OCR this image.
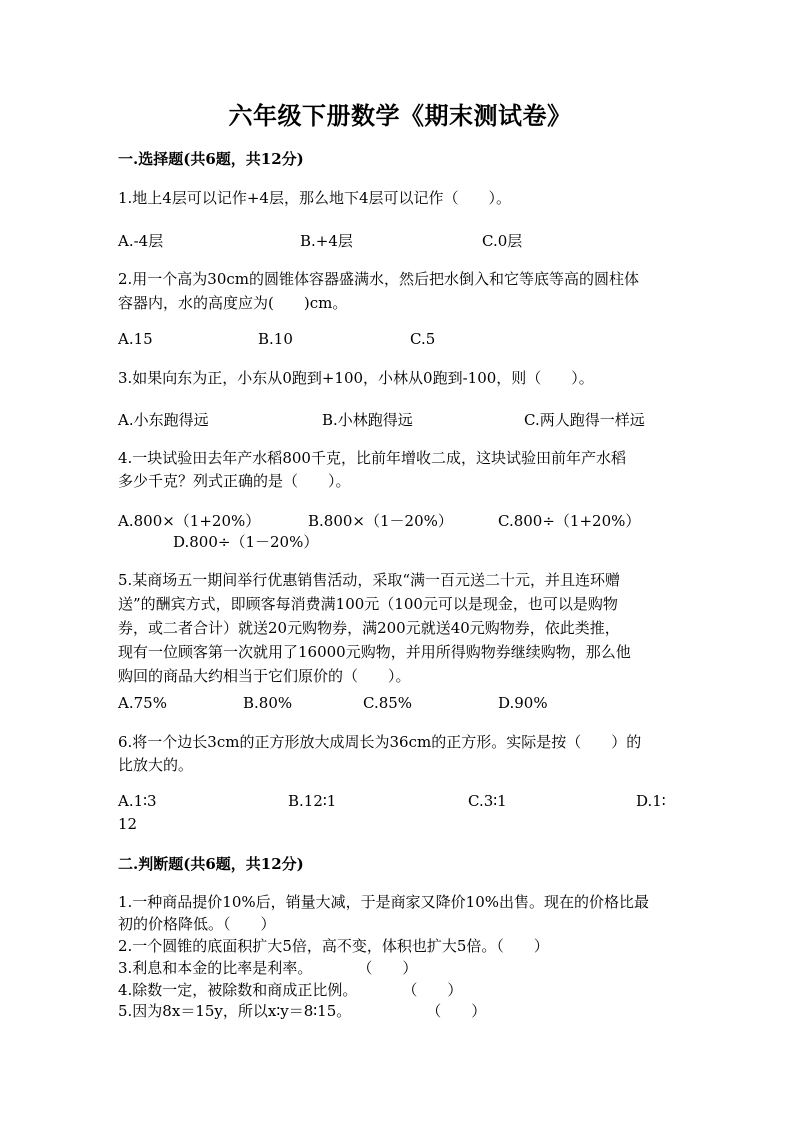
六年级下册数学《期末测试卷》
一.选择题(共6题，共12分)
1.地上4层可以记作+4层，那么地下4层可以记作（　　）。
A.-4层	B.+4层	C.0层
2.用一个高为30cm的圆锥体容器盛满水，然后把水倒入和它等底等高的圆柱体
容器内，水的高度应为(　　)cm。
A.15	B.10	C.5
3.如果向东为正，小东从0跑到+100，小林从0跑到-100，则（　　）。
A.小东跑得远	B.小林跑得远	C.两人跑得一样远
4.一块试验田去年产水稻800千克，比前年增收二成，这块试验田前年产水稻
多少千克？列式正确的是（　　）。
A.800×（1+20%）	B.800×（1－20%）	C.800÷（1+20%）
D.800÷（1－20%）
5.某商场五一期间举行优惠销售活动，采取“满一百元送二十元，并且连环赠
送”的酬宾方式，即顾客每消费满100元（100元可以是现金，也可以是购物
券，或二者合计）就送20元购物券，满200元就送40元购物券，依此类推，
现有一位顾客第一次就用了16000元购物，并用所得购物券继续购物，那么他
购回的商品大约相当于它们原价的（　　）。
A.75%	B.80%	C.85%	D.90%
6.将一个边长3cm的正方形放大成周长为36cm的正方形。实际是按（　　）的
比放大的。
A.1∶3	B.12∶1	C.3∶1	D.1∶
12
二.判断题(共6题，共12分)
1.一种商品提价10%后，销量大减，于是商家又降价10%出售。现在的价格比最
初的价格降低。（　　）
2.一个圆锥的底面积扩大5倍，高不变，体积也扩大5倍。（　　）
3.利息和本金的比率是利率。　　　　（　　）
4.除数一定，被除数和商成正比例。　　　　（　　）
5.因为8x＝15y，所以x∶y＝8∶15。　　　　　　（　　）
